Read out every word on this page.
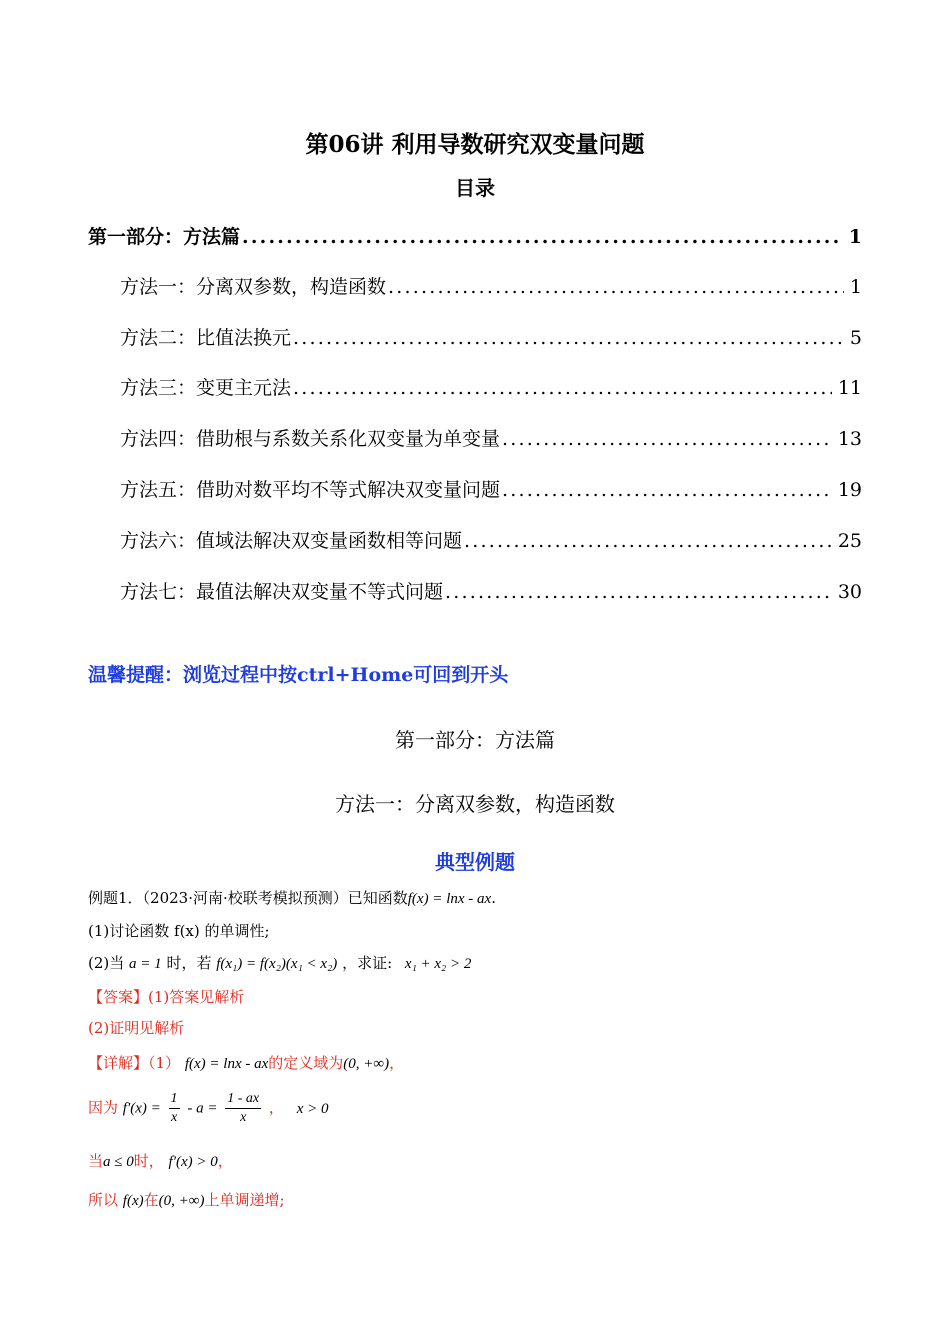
第06讲 利用导数研究双变量问题
目录
第一部分：方法篇 .....	1
方法一：分离双参数，构造函数 .....	1
方法二：比值法换元 .....	5
方法三：变更主元法 .....	11
方法四：借助根与系数关系化双变量为单变量 .....	13
方法五：借助对数平均不等式解决双变量问题 .....	19
方法六：值域法解决双变量函数相等问题 .....	25
方法七：最值法解决双变量不等式问题 .....	30
温馨提醒：浏览过程中按ctrl+Home可回到开头
第一部分：方法篇
方法一：分离双参数，构造函数
典型例题
例题1．（2023·河南·校联考模拟预测）已知函数f(x) = lnx - ax.
(1)讨论函数 f(x) 的单调性;
(2)当 a = 1 时，若 f(x₁) = f(x₂)(x₁ < x₂) ，求证: x₁ + x₂ > 2
【答案】(1)答案见解析
(2)证明见解析
【详解】（1） f(x) = lnx - ax的定义域为(0, +∞)，
因为 $f'(x) = \frac{1}{x} - a = \frac{1 - ax}{x}$ ， x > 0
当a ≤ 0时， f′(x) > 0，
所以 f(x)在(0, +∞)上单调递增;
